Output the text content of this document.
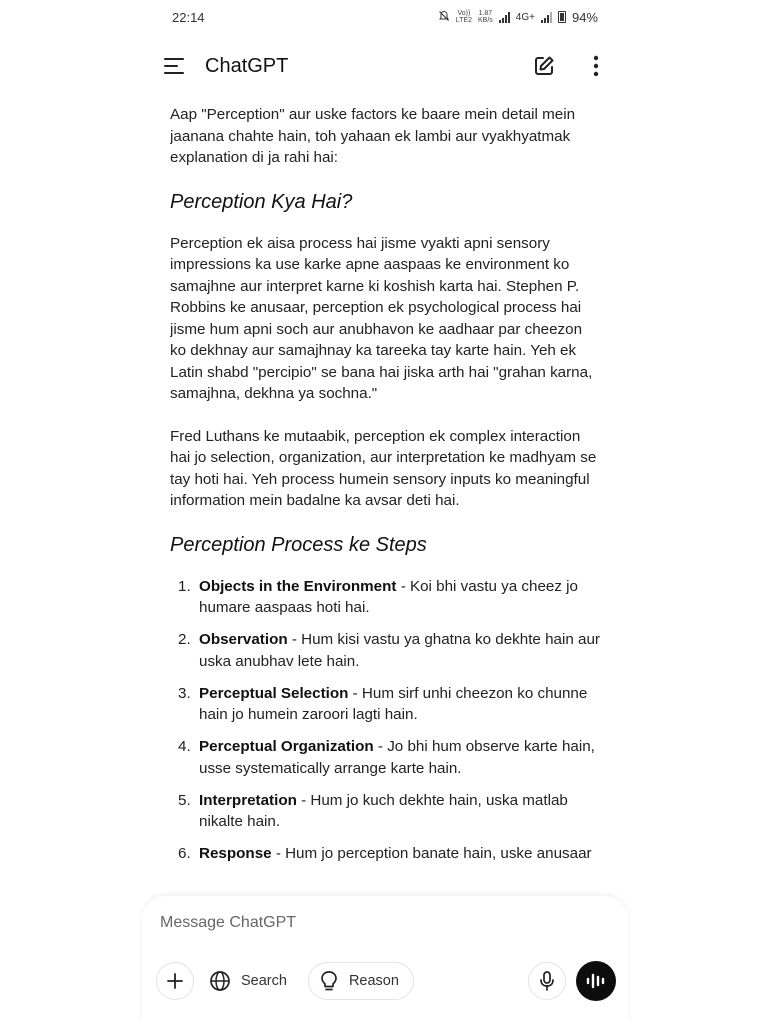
22:14	Vo))
LTE2
1.87
KB/s 4G+	94%
ChatGPT

Aap "Perception" aur uske factors ke baare mein detail mein jaanana chahte hain, toh yahaan ek lambi aur vyakhyatmak explanation di ja rahi hai:

Perception Kya Hai?

Perception ek aisa process hai jisme vyakti apni sensory impressions ka use karke apne aaspaas ke environment ko samajhne aur interpret karne ki koshish karta hai. Stephen P. Robbins ke anusaar, perception ek psychological process hai jisme hum apni soch aur anubhavon ke aadhaar par cheezon ko dekhnay aur samajhnay ka tareeka tay karte hain. Yeh ek Latin shabd "percipio" se bana hai jiska arth hai "grahan karna, samajhna, dekhna ya sochna."

Fred Luthans ke mutaabik, perception ek complex interaction hai jo selection, organization, aur interpretation ke madhyam se tay hoti hai. Yeh process humein sensory inputs ko meaningful information mein badalne ka avsar deti hai.

Perception Process ke Steps
1. Objects in the Environment - Koi bhi vastu ya cheez jo humare aaspaas hoti hai.
2. Observation - Hum kisi vastu ya ghatna ko dekhte hain aur uska anubhav lete hain.
3. Perceptual Selection - Hum sirf unhi cheezon ko chunne hain jo humein zaroori lagti hain.
4. Perceptual Organization - Jo bhi hum observe karte hain, usse systematically arrange karte hain.
5. Interpretation - Hum jo kuch dekhte hain, uska matlab nikalte hain.
6. Response - Hum jo perception banate hain, uske anusaar
Message ChatGPT
Search	Reason
